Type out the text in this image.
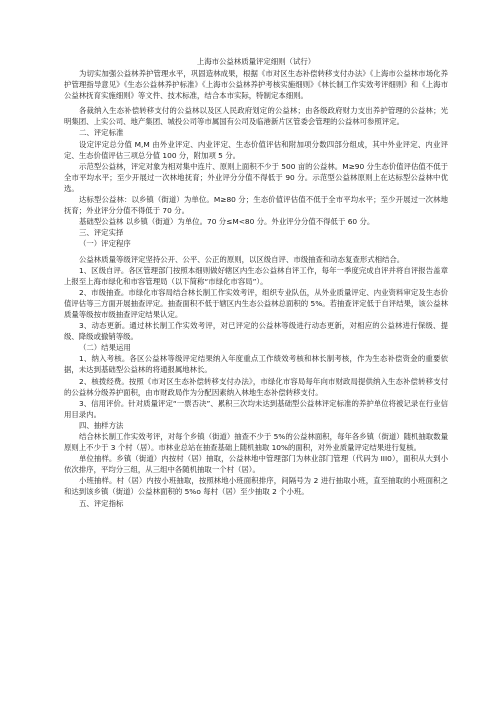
上海市公益林质量评定细则（试行）

为切实加强公益林养护管理水平，巩固造林成果，根据《市对区生态补偿转移支付办法》《上海市公益林市场化养护管理指导意见》《生态公益林养护标准》《上海市公益林养护考核实施细则》《林长制工作实效考评细则》和《上海市公益林抚育实施细则》等文件、技术标准，结合本市实际，特制定本细则。

各裁纳入生态补偿转移支付的公益林以及区人民政府划定的公益林；由各级政府财力支出养护管理的公益林；光明集团、上实公司、地产集团、城投公司等市属国有公司及临港新片区管委会管理的公益林可参照评定。

二、评定标准

设定评定总分值 M,M 由外业评定、内业评定、生态价值评估和附加项分数四部分组成，其中外业评定、内业评定、生态价值评估三项总分值 100 分，附加项 5 分。

示范型公益林，评定对象为相对集中连片、原则上面积不少于 500 亩的公益林。M≥90 分生态价值评估值不低于全市平均水平；至少开展过一次林地抚育；外业评分分值不得低于 90 分。示范型公益林原则上在达标型公益林中优选。

达标型公益林：以乡镇（街道）为单位。M≥80 分；生态价值评估值不低于全市平均水平；至少开展过一次林地抚育；外业评分分值不得低于 70 分。

基础型公益林 以乡镇（街道）为单位。70 分≤M<80 分。外业评分分值不得低于 60 分。

三、评定实择

（一）评定程序

公益林质量等级评定坚持公开、公平、公正的原则，以区级自评、市级抽查和动态复查形式相结合。

1、区级自评。各区管理部门按照本细则做好辖区内生态公益林自评工作，每年一季度完成自评并将自评报告盖章上报至上海市绿化和市容管理局（以下简称“市绿化市容局”）。

2、市级抽查。市绿化市容局结合林长制工作实效考评，组织专业队伍，从外业质量评定、内业资料审定及生态价值评估等三方面开展抽查评定。抽查面积不低于辖区内生态公益林总面积的 5%。若抽查评定低于自评结果，该公益林质量等级按市级抽查评定结果认定。

3、动态更新。通过林长制工作实效考评，对已评定的公益林等级进行动态更新，对相应的公益林进行保级、提级、降级或撤销等级。

（二）结果运用

1、纳入考核。各区公益林等级评定结果纳入年度重点工作绩效考核和林长制考核，作为生态补偿资金的重要依据，未达到基础型公益林的将通报属地林长。

2、核拨经费。按照《市对区生态补偿转移支付办法》，市绿化市容局每年向市财政局提供纳入生态补偿转移支付的公益林分级养护面积，由市财政局作为分配因素纳入林地生态补偿转移支付。

3、信用评价。针对质量评定“一票否决”、累积三次均未达到基础型公益林评定标准的养护单位将被记录在行业信用目录内。

四、抽样方法

结合林长制工作实效考评，对每个乡镇（街道）抽查不少于 5%的公益林面积，每年各乡镇（街道）随机抽取数量原则上不少于 3 个村（居）。市林业总站在抽查基础上随机抽取 10%的面积，对外业质量评定结果进行复核。

单位抽样。乡镇（街道）内按村（居）抽取，公益林地中管理部门为林业部门管理（代码为 III0），面积从大到小依次排序，平均分三组，从三组中各随机抽取一个村（居）。

小班抽样。村（居）内按小班抽取，按照林地小班面积排序，间隔号为 2 进行抽取小班，直至抽取的小班面积之和达到该乡镇（街道）公益林面积的 5%o 每村（居）至少抽取 2 个小班。

五、评定指标
